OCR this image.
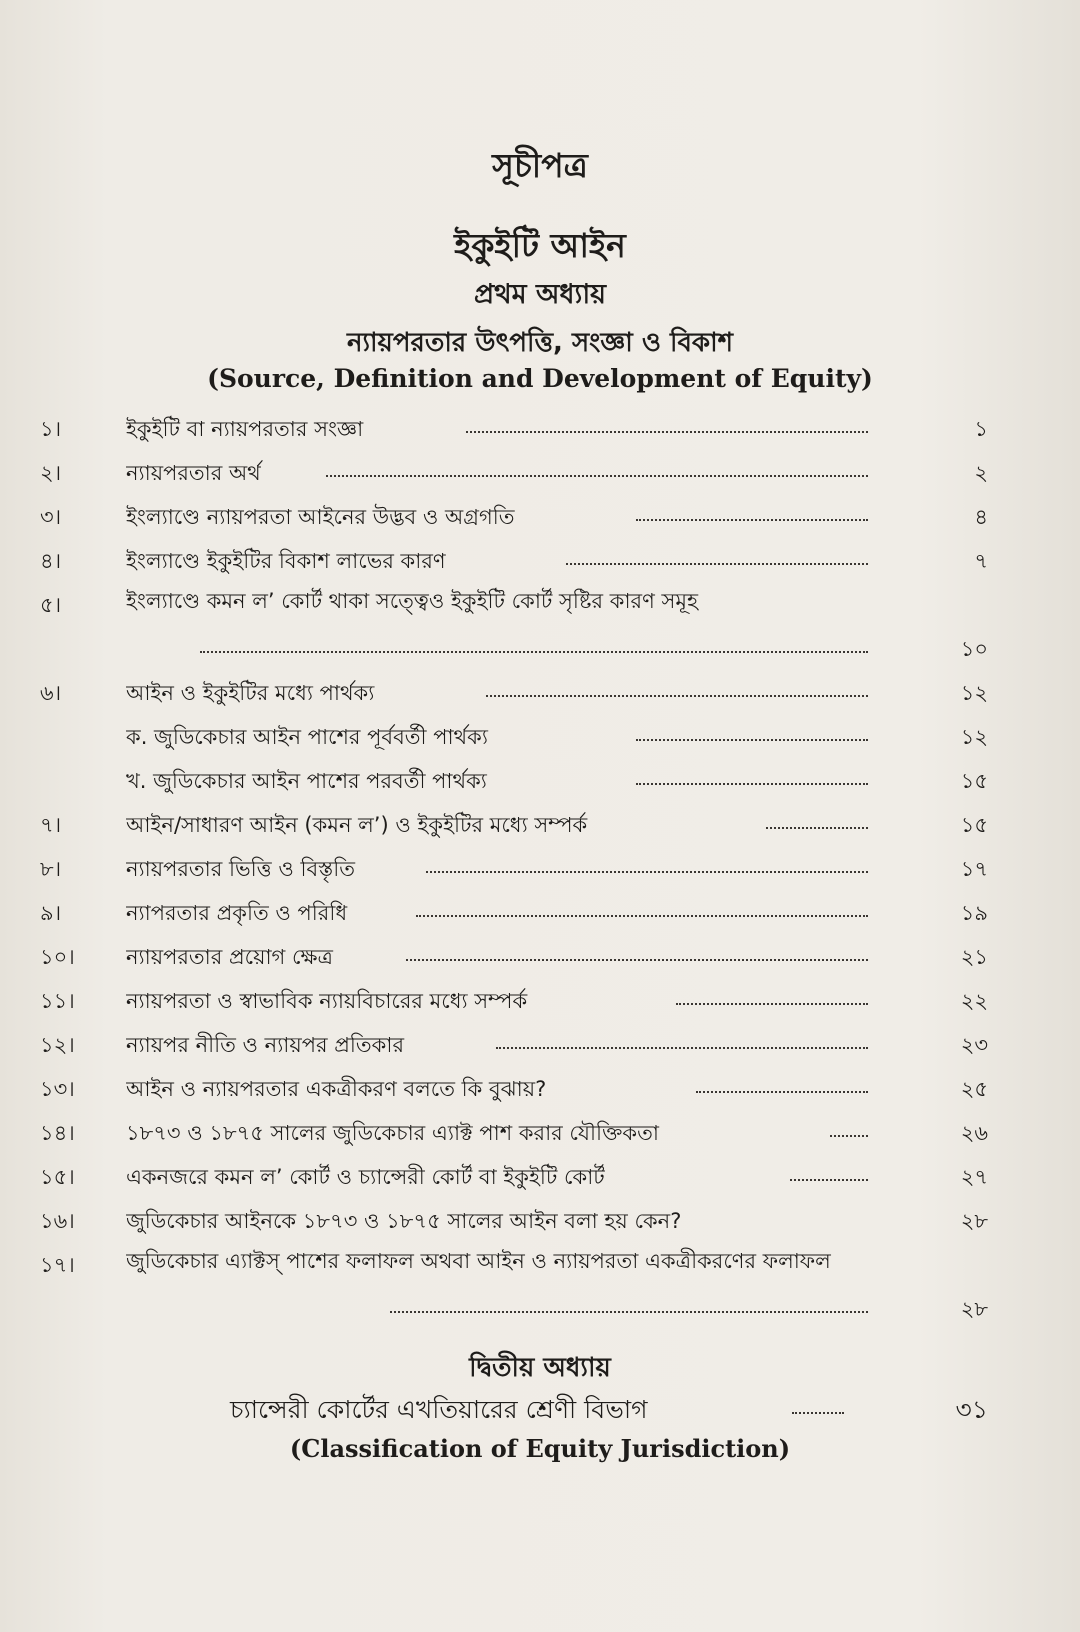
সূচীপত্র
ইকুইটি আইন
প্রথম অধ্যায়
ন্যায়পরতার উৎপত্তি, সংজ্ঞা ও বিকাশ
(Source, Definition and Development of Equity)
১।	ইকুইটি বা ন্যায়পরতার সংজ্ঞা	১
২।	ন্যায়পরতার অর্থ	২
৩।	ইংল্যাণ্ডে ন্যায়পরতা আইনের উদ্ভব ও অগ্রগতি	৪
৪।	ইংল্যাণ্ডে ইকুইটির বিকাশ লাভের কারণ	৭
৫।	ইংল্যাণ্ডে কমন ল’ কোর্ট থাকা সত্ত্বেও ইকুইটি কোর্ট সৃষ্টির কারণ সমূহ
১০
৬।	আইন ও ইকুইটির মধ্যে পার্থক্য	১২
ক. জুডিকেচার আইন পাশের পূর্ববর্তী পার্থক্য	১২
খ. জুডিকেচার আইন পাশের পরবর্তী পার্থক্য	১৫
৭।	আইন/সাধারণ আইন (কমন ল’) ও ইকুইটির মধ্যে সম্পর্ক	১৫
৮।	ন্যায়পরতার ভিত্তি ও বিস্তৃতি	১৭
৯।	ন্যাপরতার প্রকৃতি ও পরিধি	১৯
১০।	ন্যায়পরতার প্রয়োগ ক্ষেত্র	২১
১১।	ন্যায়পরতা ও স্বাভাবিক ন্যায়বিচারের মধ্যে সম্পর্ক	২২
১২।	ন্যায়পর নীতি ও ন্যায়পর প্রতিকার	২৩
১৩।	আইন ও ন্যায়পরতার একত্রীকরণ বলতে কি বুঝায়?	২৫
১৪।	১৮৭৩ ও ১৮৭৫ সালের জুডিকেচার এ্যাক্ট পাশ করার যৌক্তিকতা	২৬
১৫।	একনজরে কমন ল’ কোর্ট ও চ্যান্সেরী কোর্ট বা ইকুইটি কোর্ট	২৭
১৬।	জুডিকেচার আইনকে ১৮৭৩ ও ১৮৭৫ সালের আইন বলা হয় কেন?	২৮
১৭।	জুডিকেচার এ্যাক্টস্ পাশের ফলাফল অথবা আইন ও ন্যায়পরতা একত্রীকরণের ফলাফল
২৮
দ্বিতীয় অধ্যায়
চ্যান্সেরী কোর্টের এখতিয়ারের শ্রেণী বিভাগ	৩১
(Classification of Equity Jurisdiction)
